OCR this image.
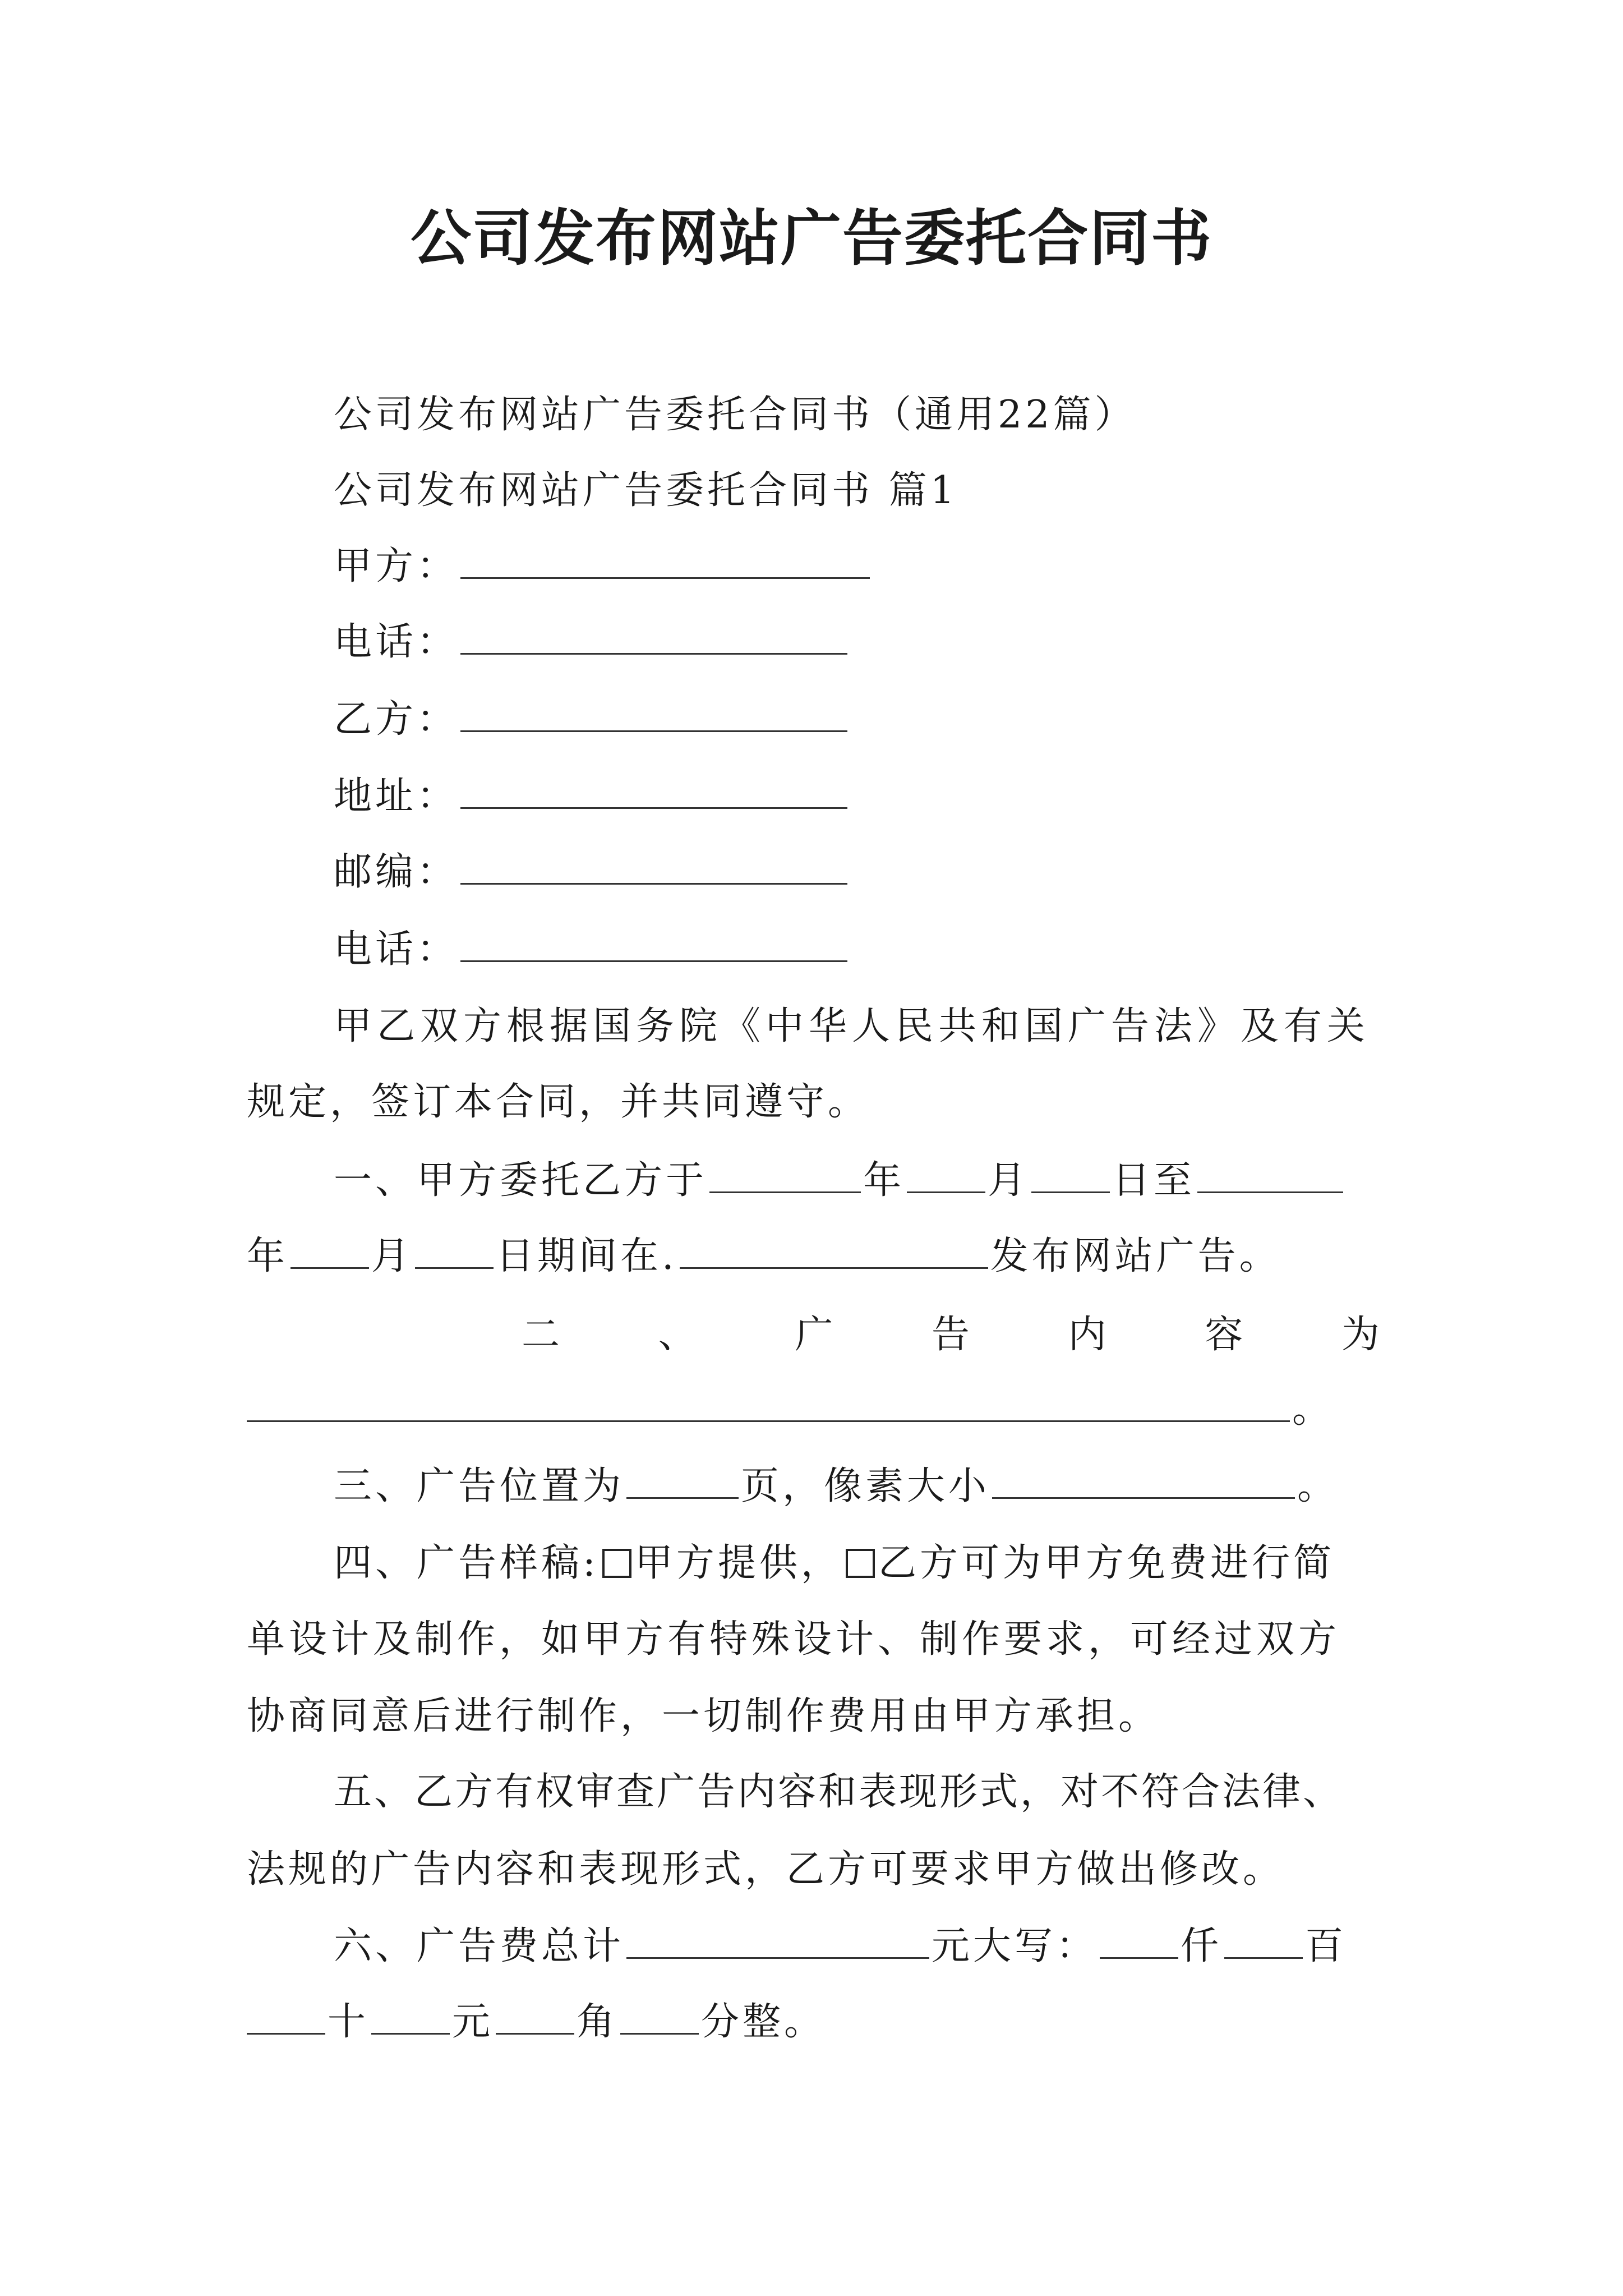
公司发布网站广告委托合同书
公司发布网站广告委托合同书（通用22篇）
公司发布网站广告委托合同书 篇1
甲方：
电话：
乙方：
地址：
邮编：
电话：
甲乙双方根据国务院《中华人民共和国广告法》及有关
规定，签订本合同，并共同遵守。
一、甲方委托乙方于	年 月 日至
年 月 日期间在.	发布网站广告。
二	、	广	告	内	容	为
。
三、广告位置为	页，像素大小	。
四、广告样稿: 甲方提供， 乙方可为甲方免费进行简
单设计及制作，如甲方有特殊设计、制作要求，可经过双方
协商同意后进行制作，一切制作费用由甲方承担。
五、乙方有权审查广告内容和表现形式，对不符合法律、
法规的广告内容和表现形式，乙方可要求甲方做出修改。
六、广告费总计	元大写： 仟 百
十 元 角 分整。
